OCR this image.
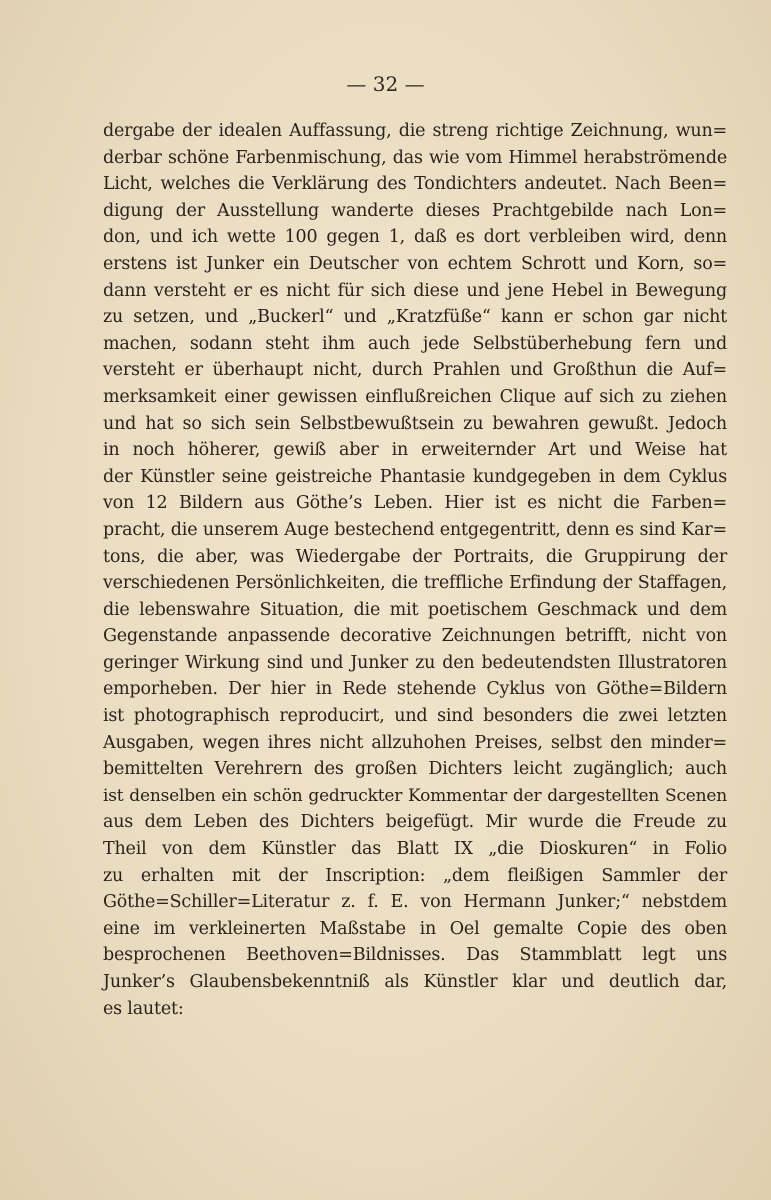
— 32 —
dergabe der idealen Auffassung, die streng richtige Zeichnung, wun=
derbar schöne Farbenmischung, das wie vom Himmel herabströmende
Licht, welches die Verklärung des Tondichters andeutet. Nach Been=
digung der Ausstellung wanderte dieses Prachtgebilde nach Lon=
don, und ich wette 100 gegen 1, daß es dort verbleiben wird, denn
erstens ist Junker ein Deutscher von echtem Schrott und Korn, so=
dann versteht er es nicht für sich diese und jene Hebel in Bewegung
zu setzen, und „Buckerl“ und „Kratzfüße“ kann er schon gar nicht
machen, sodann steht ihm auch jede Selbstüberhebung fern und
versteht er überhaupt nicht, durch Prahlen und Großthun die Auf=
merksamkeit einer gewissen einflußreichen Clique auf sich zu ziehen
und hat so sich sein Selbstbewußtsein zu bewahren gewußt. Jedoch
in noch höherer, gewiß aber in erweiternder Art und Weise hat
der Künstler seine geistreiche Phantasie kundgegeben in dem Cyklus
von 12 Bildern aus Göthe’s Leben. Hier ist es nicht die Farben=
pracht, die unserem Auge bestechend entgegentritt, denn es sind Kar=
tons, die aber, was Wiedergabe der Portraits, die Gruppirung der
verschiedenen Persönlichkeiten, die treffliche Erfindung der Staffagen,
die lebenswahre Situation, die mit poetischem Geschmack und dem
Gegenstande anpassende decorative Zeichnungen betrifft, nicht von
geringer Wirkung sind und Junker zu den bedeutendsten Illustratoren
emporheben. Der hier in Rede stehende Cyklus von Göthe=Bildern
ist photographisch reproducirt, und sind besonders die zwei letzten
Ausgaben, wegen ihres nicht allzuhohen Preises, selbst den minder=
bemittelten Verehrern des großen Dichters leicht zugänglich; auch
ist denselben ein schön gedruckter Kommentar der dargestellten Scenen
aus dem Leben des Dichters beigefügt. Mir wurde die Freude zu
Theil von dem Künstler das Blatt IX „die Dioskuren“ in Folio
zu erhalten mit der Inscription: „dem fleißigen Sammler der
Göthe=Schiller=Literatur z. f. E. von Hermann Junker;“ nebstdem
eine im verkleinerten Maßstabe in Oel gemalte Copie des oben
besprochenen Beethoven=Bildnisses. Das Stammblatt legt uns
Junker’s Glaubensbekenntniß als Künstler klar und deutlich dar,
es lautet:
